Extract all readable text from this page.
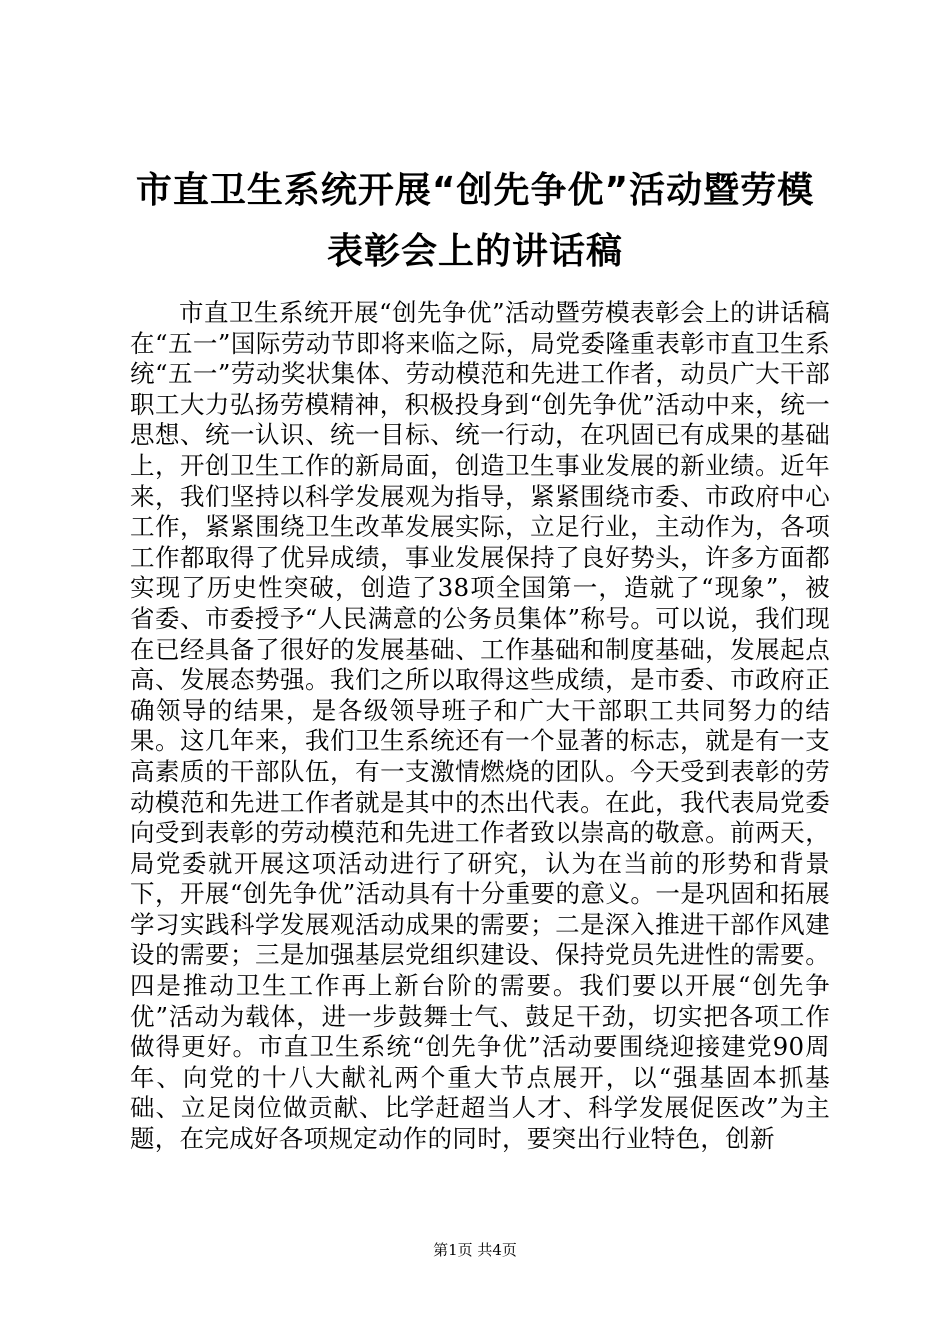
市直卫生系统开展“创先争优”活动暨劳模表彰会上的讲话稿

市直卫生系统开展“创先争优”活动暨劳模表彰会上的讲话稿在“五一”国际劳动节即将来临之际，局党委隆重表彰市直卫生系统“五一”劳动奖状集体、劳动模范和先进工作者，动员广大干部职工大力弘扬劳模精神，积极投身到“创先争优”活动中来，统一思想、统一认识、统一目标、统一行动，在巩固已有成果的基础上，开创卫生工作的新局面，创造卫生事业发展的新业绩。近年来，我们坚持以科学发展观为指导，紧紧围绕市委、市政府中心工作，紧紧围绕卫生改革发展实际，立足行业，主动作为，各项工作都取得了优异成绩，事业发展保持了良好势头，许多方面都实现了历史性突破，创造了38项全国第一，造就了“现象”，被省委、市委授予“人民满意的公务员集体”称号。可以说，我们现在已经具备了很好的发展基础、工作基础和制度基础，发展起点高、发展态势强。我们之所以取得这些成绩，是市委、市政府正确领导的结果，是各级领导班子和广大干部职工共同努力的结果。这几年来，我们卫生系统还有一个显著的标志，就是有一支高素质的干部队伍，有一支激情燃烧的团队。今天受到表彰的劳动模范和先进工作者就是其中的杰出代表。在此，我代表局党委向受到表彰的劳动模范和先进工作者致以崇高的敬意。前两天，局党委就开展这项活动进行了研究，认为在当前的形势和背景下，开展“创先争优”活动具有十分重要的意义。一是巩固和拓展学习实践科学发展观活动成果的需要；二是深入推进干部作风建设的需要；三是加强基层党组织建设、保持党员先进性的需要。四是推动卫生工作再上新台阶的需要。我们要以开展“创先争优”活动为载体，进一步鼓舞士气、鼓足干劲，切实把各项工作做得更好。市直卫生系统“创先争优”活动要围绕迎接建党90周年、向党的十八大献礼两个重大节点展开，以“强基固本抓基础、立足岗位做贡献、比学赶超当人才、科学发展促医改”为主题，在完成好各项规定动作的同时，要突出行业特色，创新

第1页 共4页
